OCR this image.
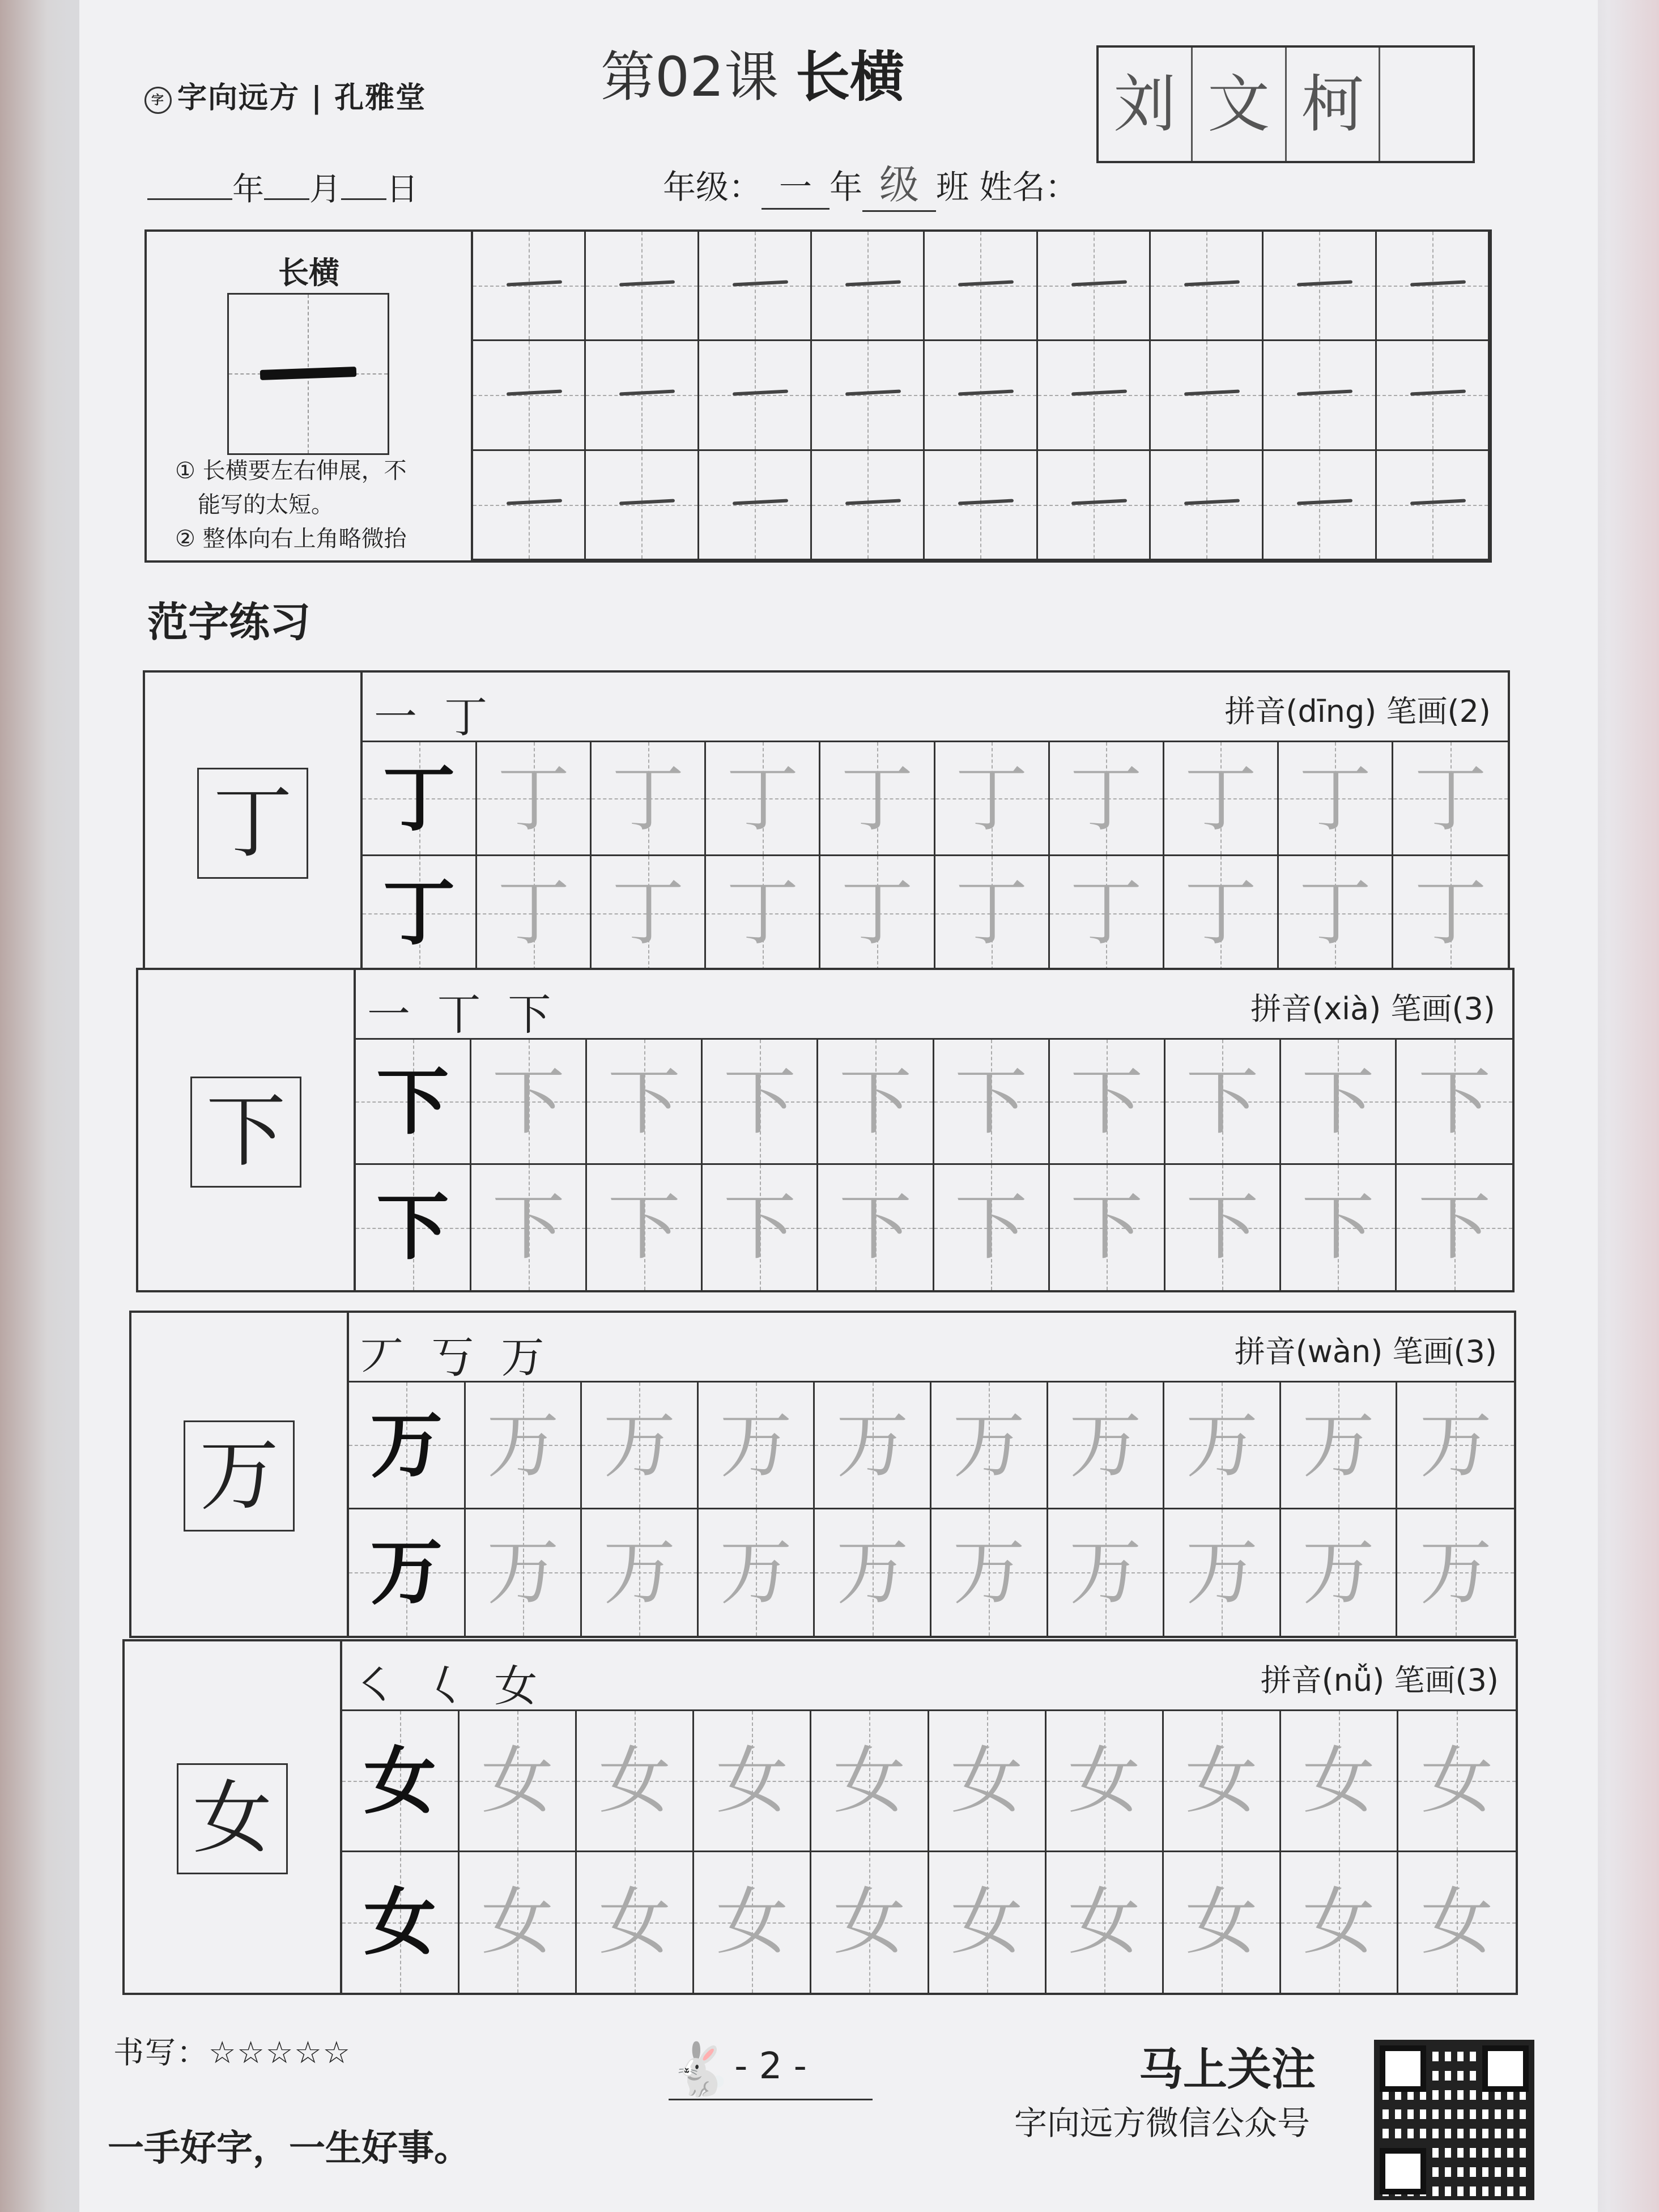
字 字向远方 | 孔雅堂	第02课 长横	刘 文 柯
年 月 日	年级： 一 年 级 班 姓名：
长横
① 长横要左右伸展，不
能写的太短。
② 整体向右上角略微抬
范字练习
丁
一 丁	拼音(dīng) 笔画(2)
丁 丁 丁 丁 丁 丁 丁 丁 丁 丁
丁 丁 丁 丁 丁 丁 丁 丁 丁 丁
下
一 丅 下	拼音(xià) 笔画(3)
下 下 下 下 下 下 下 下 下 下
下 下 下 下 下 下 下 下 下 下
万
丆 丂 万	拼音(wàn) 笔画(3)
万 万 万 万 万 万 万 万 万 万
万 万 万 万 万 万 万 万 万 万
女
㇛ 𡿨 女	拼音(nǚ) 笔画(3)
女 女 女 女 女 女 女 女 女 女
女 女 女 女 女 女 女 女 女 女
书写：☆☆☆☆☆
一手好字，一生好事。
🐇 - 2 -	马上关注
字向远方微信公众号
